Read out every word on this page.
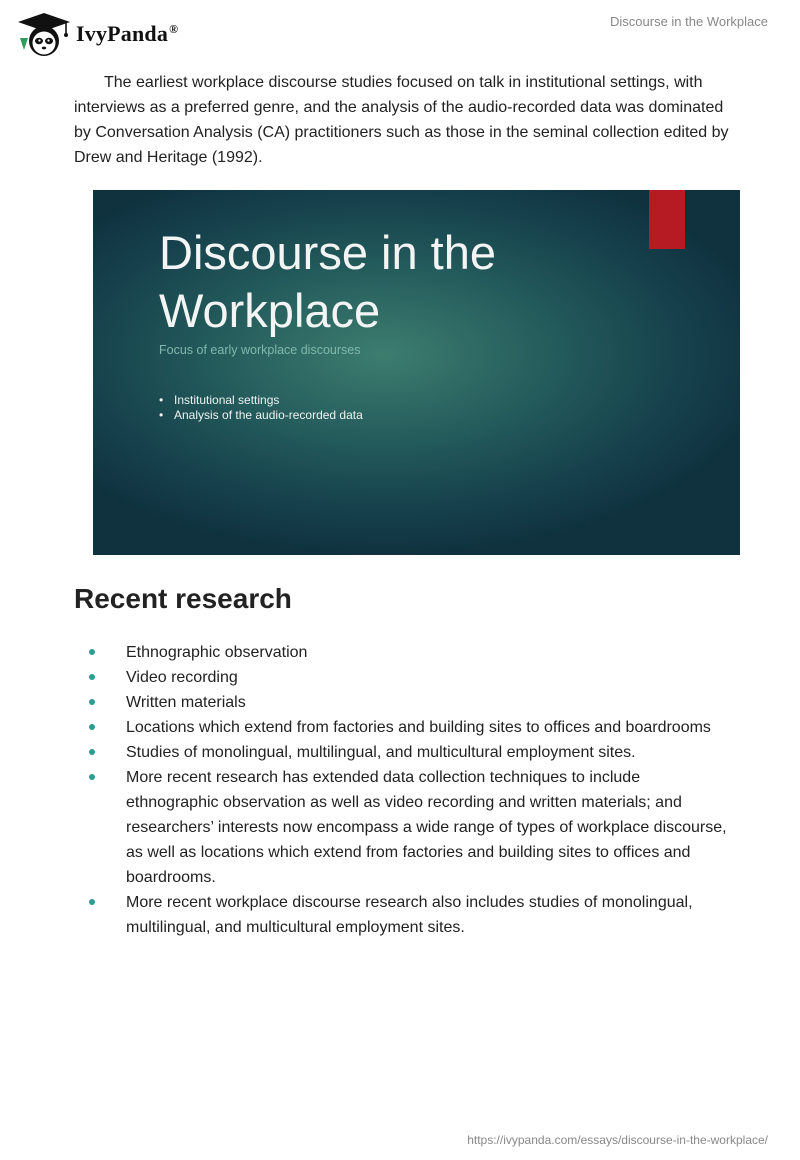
IvyPanda®	Discourse in the Workplace

The earliest workplace discourse studies focused on talk in institutional settings, with interviews as a preferred genre, and the analysis of the audio-recorded data was dominated by Conversation Analysis (CA) practitioners such as those in the seminal collection edited by Drew and Heritage (1992).

Discourse in the Workplace
Focus of early workplace discourses
• Institutional settings
• Analysis of the audio-recorded data
Recent research
Ethnographic observation
Video recording
Written materials
Locations which extend from factories and building sites to offices and boardrooms
Studies of monolingual, multilingual, and multicultural employment sites.
More recent research has extended data collection techniques to include ethnographic observation as well as video recording and written materials; and researchers’ interests now encompass a wide range of types of workplace discourse, as well as locations which extend from factories and building sites to offices and boardrooms.
More recent workplace discourse research also includes studies of monolingual, multilingual, and multicultural employment sites.
https://ivypanda.com/essays/discourse-in-the-workplace/
